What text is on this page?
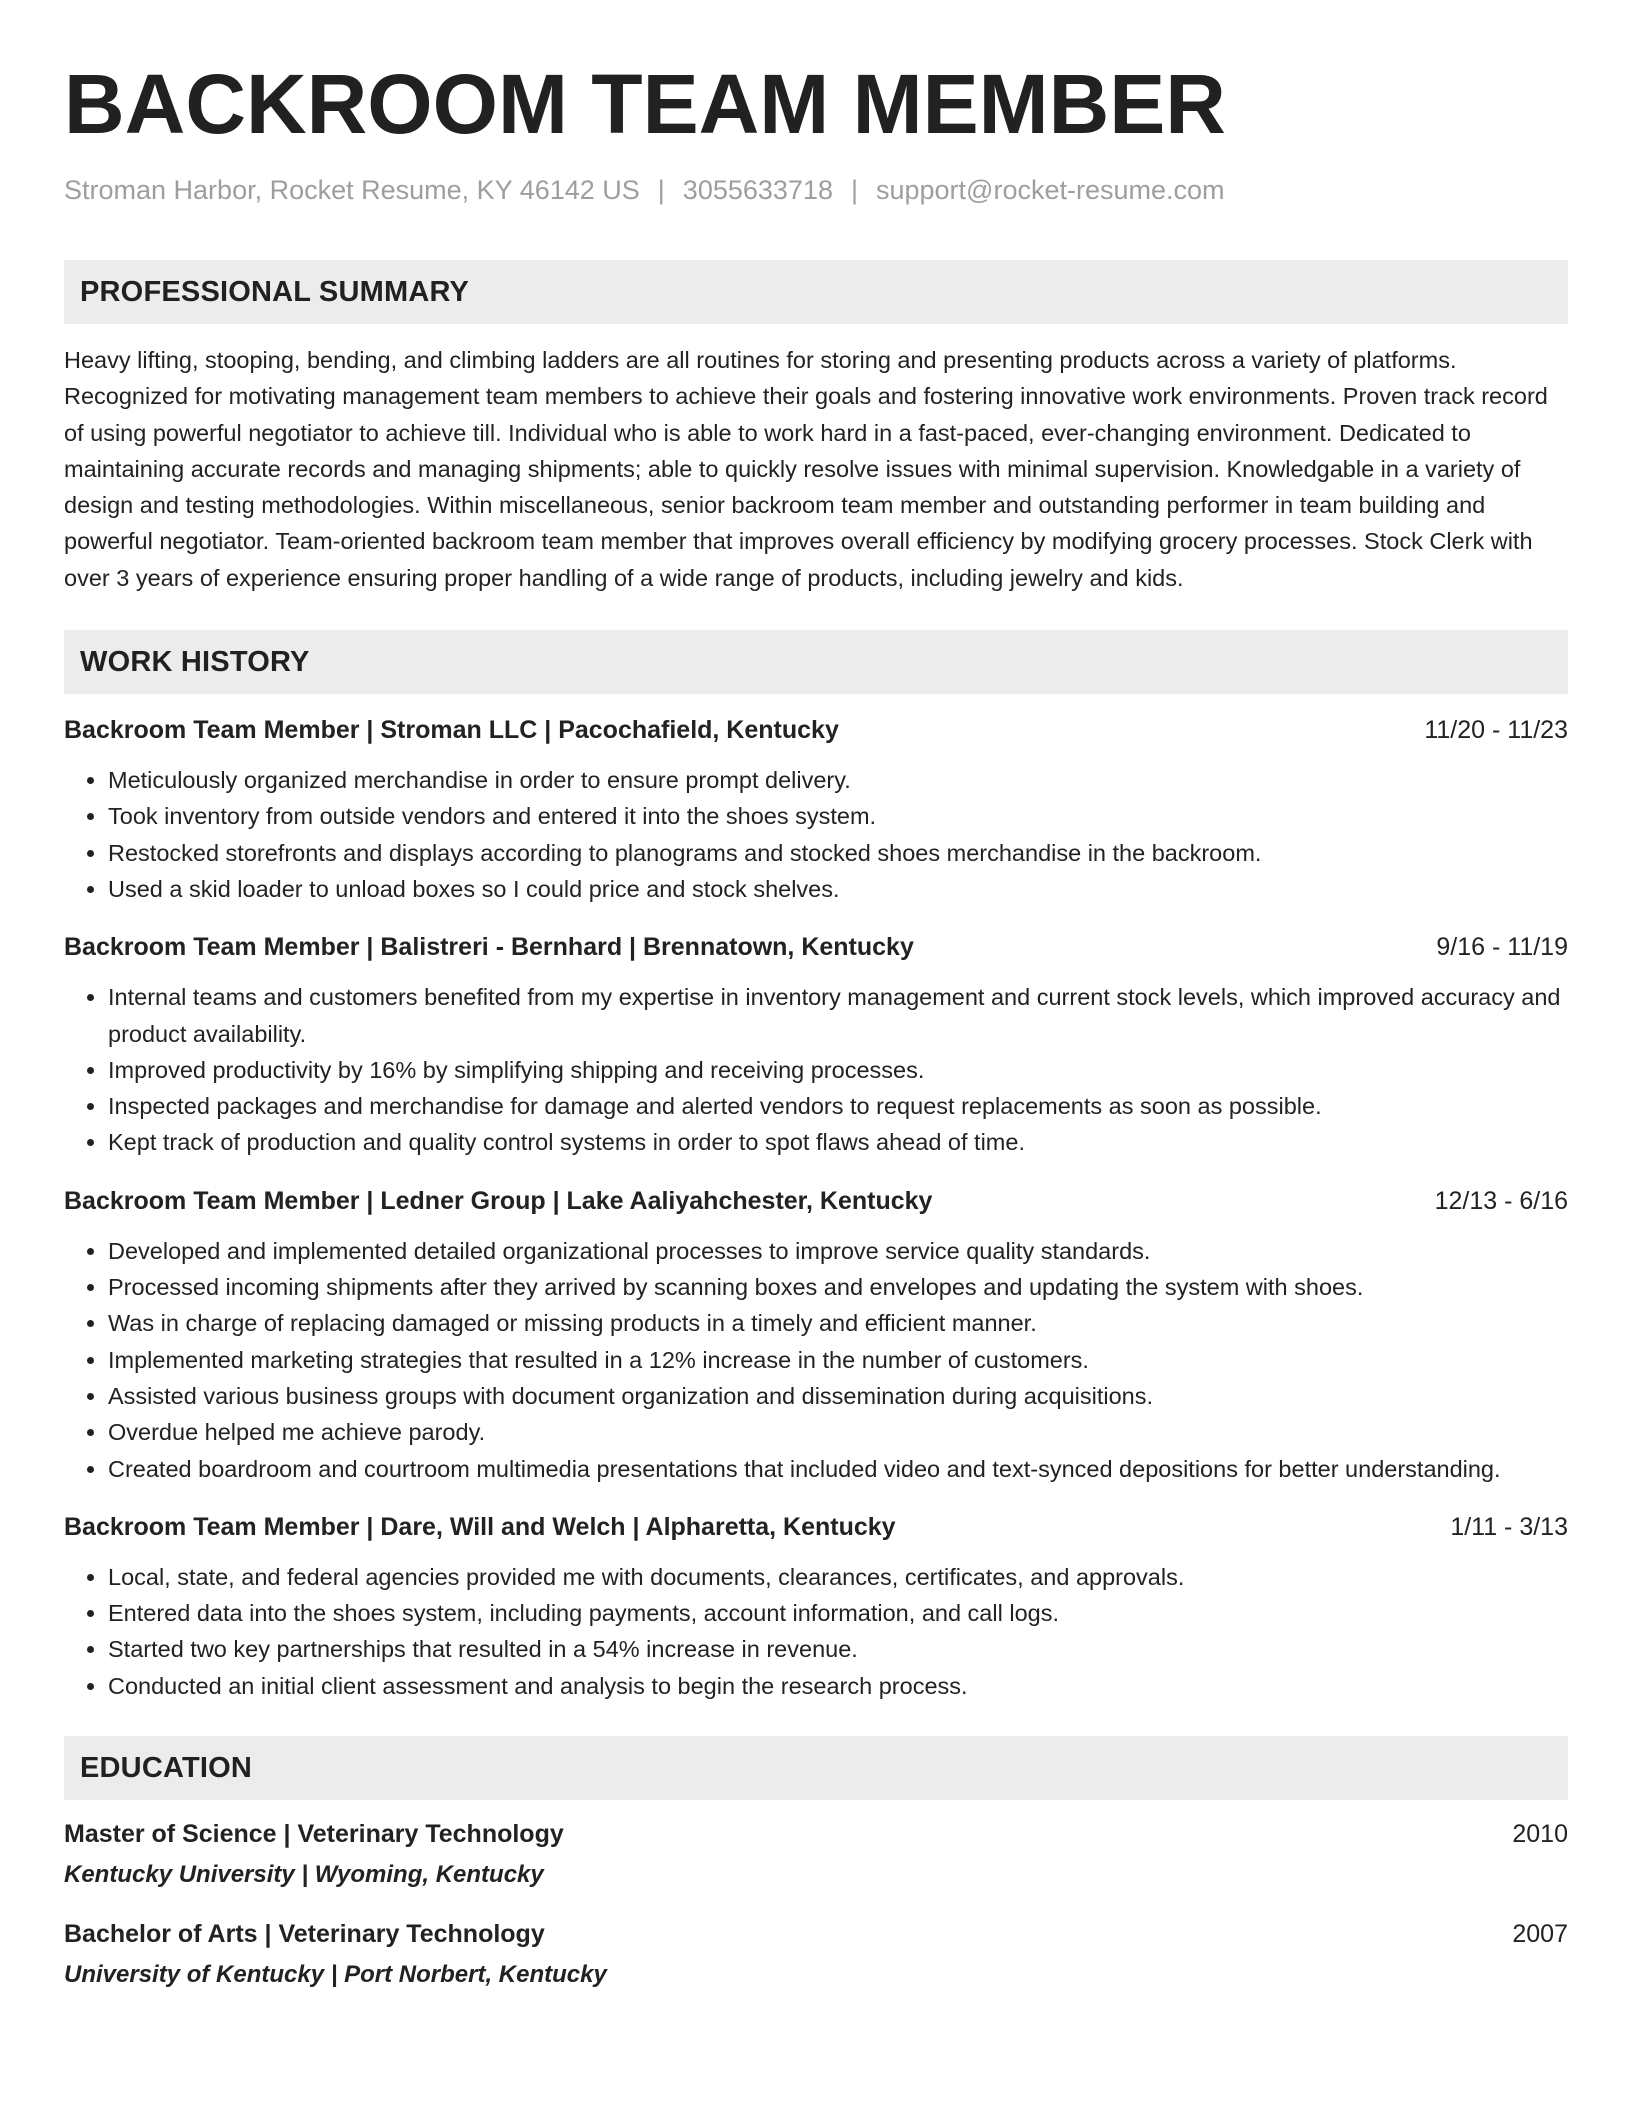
BACKROOM TEAM MEMBER
Stroman Harbor, Rocket Resume, KY 46142 US | 3055633718 | support@rocket-resume.com
PROFESSIONAL SUMMARY

Heavy lifting, stooping, bending, and climbing ladders are all routines for storing and presenting products across a variety of platforms. Recognized for motivating management team members to achieve their goals and fostering innovative work environments. Proven track record of using powerful negotiator to achieve till. Individual who is able to work hard in a fast-paced, ever-changing environment. Dedicated to maintaining accurate records and managing shipments; able to quickly resolve issues with minimal supervision. Knowledgable in a variety of design and testing methodologies. Within miscellaneous, senior backroom team member and outstanding performer in team building and powerful negotiator. Team-oriented backroom team member that improves overall efficiency by modifying grocery processes. Stock Clerk with over 3 years of experience ensuring proper handling of a wide range of products, including jewelry and kids.

WORK HISTORY
Backroom Team Member | Stroman LLC | Pacochafield, Kentucky	11/20 - 11/23
• Meticulously organized merchandise in order to ensure prompt delivery.
• Took inventory from outside vendors and entered it into the shoes system.
• Restocked storefronts and displays according to planograms and stocked shoes merchandise in the backroom.
• Used a skid loader to unload boxes so I could price and stock shelves.
Backroom Team Member | Balistreri - Bernhard | Brennatown, Kentucky	9/16 - 11/19
• Internal teams and customers benefited from my expertise in inventory management and current stock levels, which improved accuracy and product availability.
• Improved productivity by 16% by simplifying shipping and receiving processes.
• Inspected packages and merchandise for damage and alerted vendors to request replacements as soon as possible.
• Kept track of production and quality control systems in order to spot flaws ahead of time.
Backroom Team Member | Ledner Group | Lake Aaliyahchester, Kentucky	12/13 - 6/16
• Developed and implemented detailed organizational processes to improve service quality standards.
• Processed incoming shipments after they arrived by scanning boxes and envelopes and updating the system with shoes.
• Was in charge of replacing damaged or missing products in a timely and efficient manner.
• Implemented marketing strategies that resulted in a 12% increase in the number of customers.
• Assisted various business groups with document organization and dissemination during acquisitions.
• Overdue helped me achieve parody.
• Created boardroom and courtroom multimedia presentations that included video and text-synced depositions for better understanding.
Backroom Team Member | Dare, Will and Welch | Alpharetta, Kentucky	1/11 - 3/13
• Local, state, and federal agencies provided me with documents, clearances, certificates, and approvals.
• Entered data into the shoes system, including payments, account information, and call logs.
• Started two key partnerships that resulted in a 54% increase in revenue.
• Conducted an initial client assessment and analysis to begin the research process.
EDUCATION
Master of Science | Veterinary Technology	2010
Kentucky University | Wyoming, Kentucky
Bachelor of Arts | Veterinary Technology	2007
University of Kentucky | Port Norbert, Kentucky
